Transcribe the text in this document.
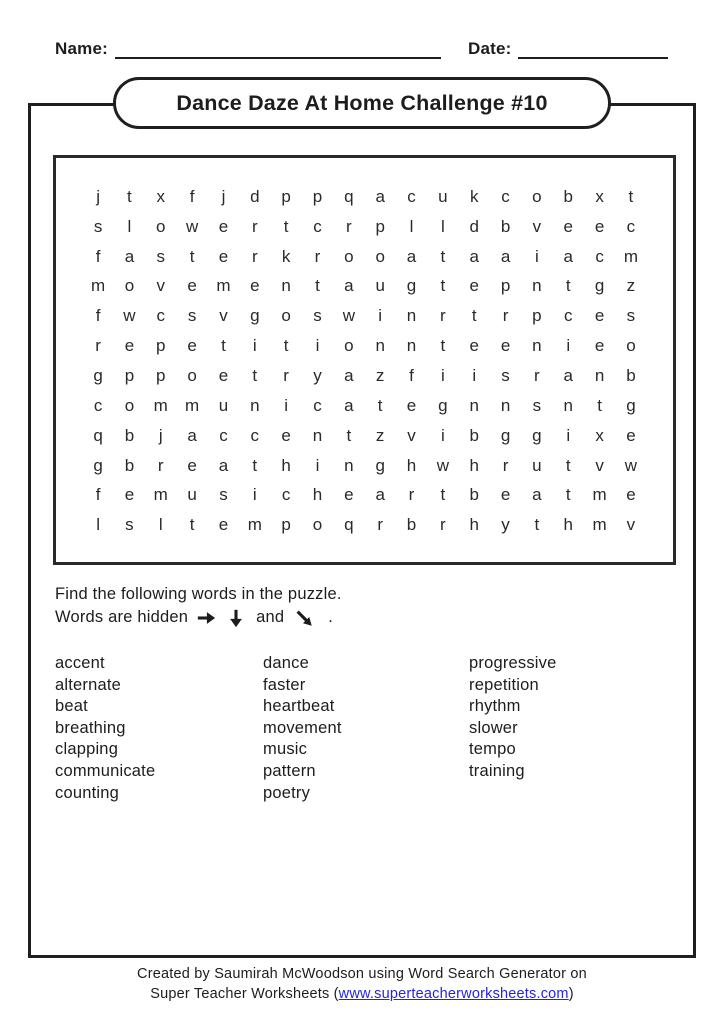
Name:	Date:
Dance Daze At Home Challenge #10
j	t	x	f	j	d	p	p	q	a	c	u	k	c	o	b	x	t
s	l	o	w	e	r	t	c	r	p	l	l	d	b	v	e	e	c
f	a	s	t	e	r	k	r	o	o	a	t	a	a	i	a	c	m
m	o	v	e	m	e	n	t	a	u	g	t	e	p	n	t	g	z
f	w	c	s	v	g	o	s	w	i	n	r	t	r	p	c	e	s
r	e	p	e	t	i	t	i	o	n	n	t	e	e	n	i	e	o
g	p	p	o	e	t	r	y	a	z	f	i	i	s	r	a	n	b
c	o	m	m	u	n	i	c	a	t	e	g	n	n	s	n	t	g
q	b	j	a	c	c	e	n	t	z	v	i	b	g	g	i	x	e
g	b	r	e	a	t	h	i	n	g	h	w	h	r	u	t	v	w
f	e	m	u	s	i	c	h	e	a	r	t	b	e	a	t	m	e
l	s	l	t	e	m	p	o	q	r	b	r	h	y	t	h	m	v
Find the following words in the puzzle.
Words are hidden	and	.
accent
alternate
beat
breathing
clapping
communicate
counting
dance
faster
heartbeat
movement
music
pattern
poetry
progressive
repetition
rhythm
slower
tempo
training
Created by Saumirah McWoodson using Word Search Generator on
Super Teacher Worksheets (www.superteacherworksheets.com)
